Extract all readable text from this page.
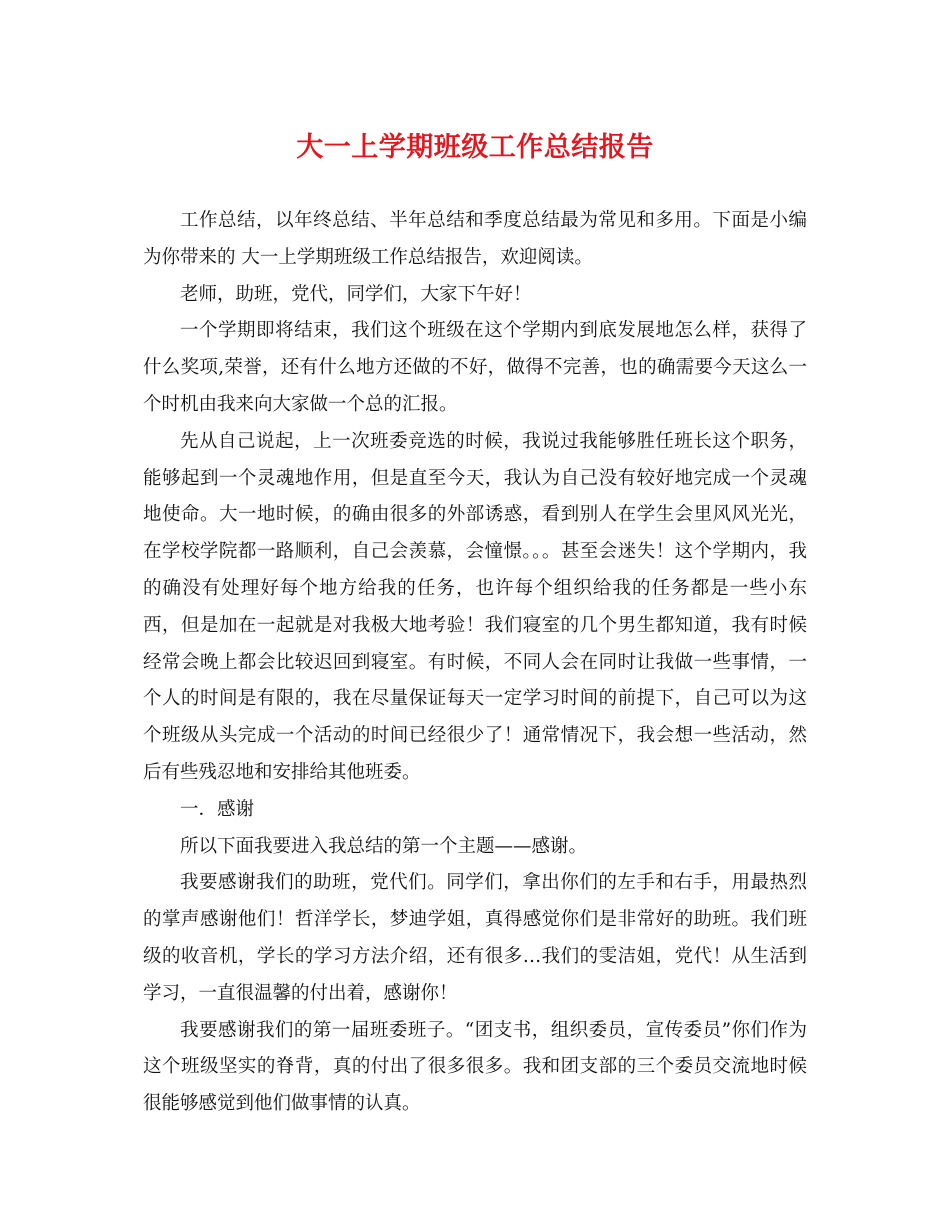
大一上学期班级工作总结报告

工作总结，以年终总结、半年总结和季度总结最为常见和多用。下面是小编为你带来的 大一上学期班级工作总结报告，欢迎阅读。

老师，助班，党代，同学们，大家下午好！

一个学期即将结束，我们这个班级在这个学期内到底发展地怎么样，获得了什么奖项,荣誉，还有什么地方还做的不好，做得不完善，也的确需要今天这么一个时机由我来向大家做一个总的汇报。

先从自己说起，上一次班委竞选的时候，我说过我能够胜任班长这个职务，能够起到一个灵魂地作用，但是直至今天，我认为自己没有较好地完成一个灵魂地使命。大一地时候，的确由很多的外部诱惑，看到别人在学生会里风风光光，在学校学院都一路顺利，自己会羡慕，会憧憬。。。甚至会迷失！这个学期内，我的确没有处理好每个地方给我的任务，也许每个组织给我的任务都是一些小东西，但是加在一起就是对我极大地考验！我们寝室的几个男生都知道，我有时候经常会晚上都会比较迟回到寝室。有时候，不同人会在同时让我做一些事情，一个人的时间是有限的，我在尽量保证每天一定学习时间的前提下，自己可以为这个班级从头完成一个活动的时间已经很少了！通常情况下，我会想一些活动，然后有些残忍地和安排给其他班委。

一．感谢

所以下面我要进入我总结的第一个主题——感谢。

我要感谢我们的助班，党代们。同学们，拿出你们的左手和右手，用最热烈的掌声感谢他们！哲洋学长，梦迪学姐，真得感觉你们是非常好的助班。我们班级的收音机，学长的学习方法介绍，还有很多…我们的雯洁姐，党代！从生活到学习，一直很温馨的付出着，感谢你！

我要感谢我们的第一届班委班子。“团支书，组织委员，宣传委员”你们作为这个班级坚实的脊背，真的付出了很多很多。我和团支部的三个委员交流地时候很能够感觉到他们做事情的认真。
